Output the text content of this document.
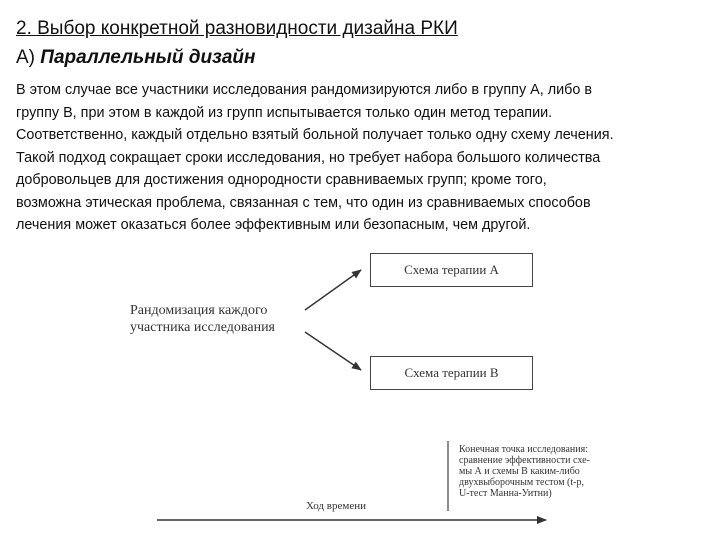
2. Выбор конкретной разновидности дизайна РКИ
А) Параллельный дизайн
В этом случае все участники исследования рандомизируются либо в группу А, либо в
группу В, при этом в каждой из групп испытывается только один метод терапии.
Соответственно, каждый отдельно взятый больной получает только одну схему лечения.
Такой подход сокращает сроки исследования, но требует набора большого количества
добровольцев для достижения однородности сравниваемых групп; кроме того,
возможна этическая проблема, связанная с тем, что один из сравниваемых способов
лечения может оказаться более эффективным или безопасным, чем другой.
Рандомизация каждого
участника исследования
Схема терапии А
Схема терапии В
Конечная точка исследования:
сравнение эффективности схе-
мы А и схемы В каким-либо
двухвыборочным тестом (t-р,
U-тест Манна-Уитни)
Ход времени
